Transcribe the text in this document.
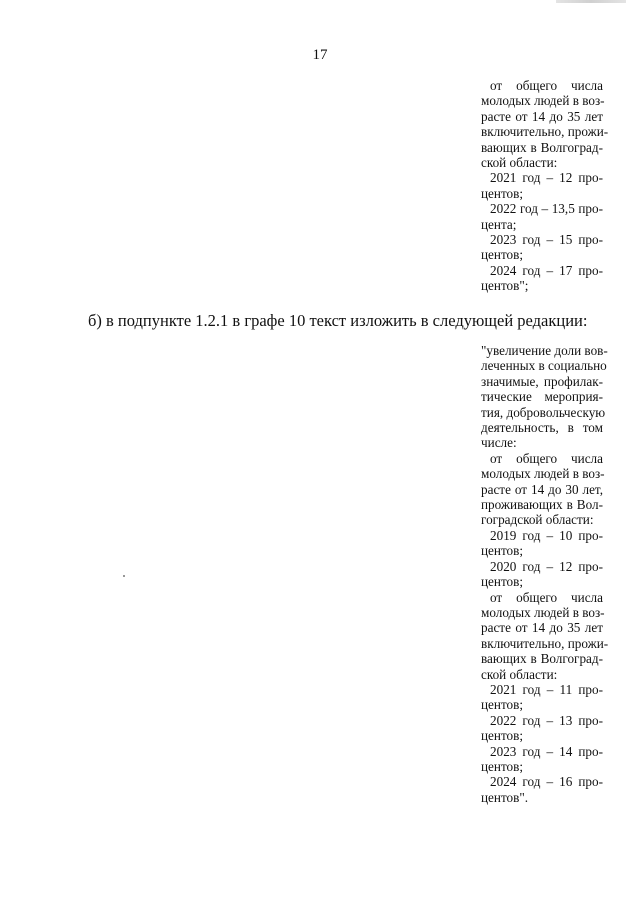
17
от общего числа
молодых людей в воз-
расте от 14 до 35 лет
включительно, прожи-
вающих в Волгоград-
ской области:
2021 год – 12 про-
центов;
2022 год – 13,5 про-
цента;
2023 год – 15 про-
центов;
2024 год – 17 про-
центов";
б) в подпункте 1.2.1 в графе 10 текст изложить в следующей редакции:
"увеличение доли вов-
леченных в социально
значимые, профилак-
тические мероприя-
тия, добровольческую
деятельность, в том
числе:
от общего числа
молодых людей в воз-
расте от 14 до 30 лет,
проживающих в Вол-
гоградской области:
2019 год – 10 про-
центов;
2020 год – 12 про-
центов;
от общего числа
молодых людей в воз-
расте от 14 до 35 лет
включительно, прожи-
вающих в Волгоград-
ской области:
2021 год – 11 про-
центов;
2022 год – 13 про-
центов;
2023 год – 14 про-
центов;
2024 год – 16 про-
центов".
